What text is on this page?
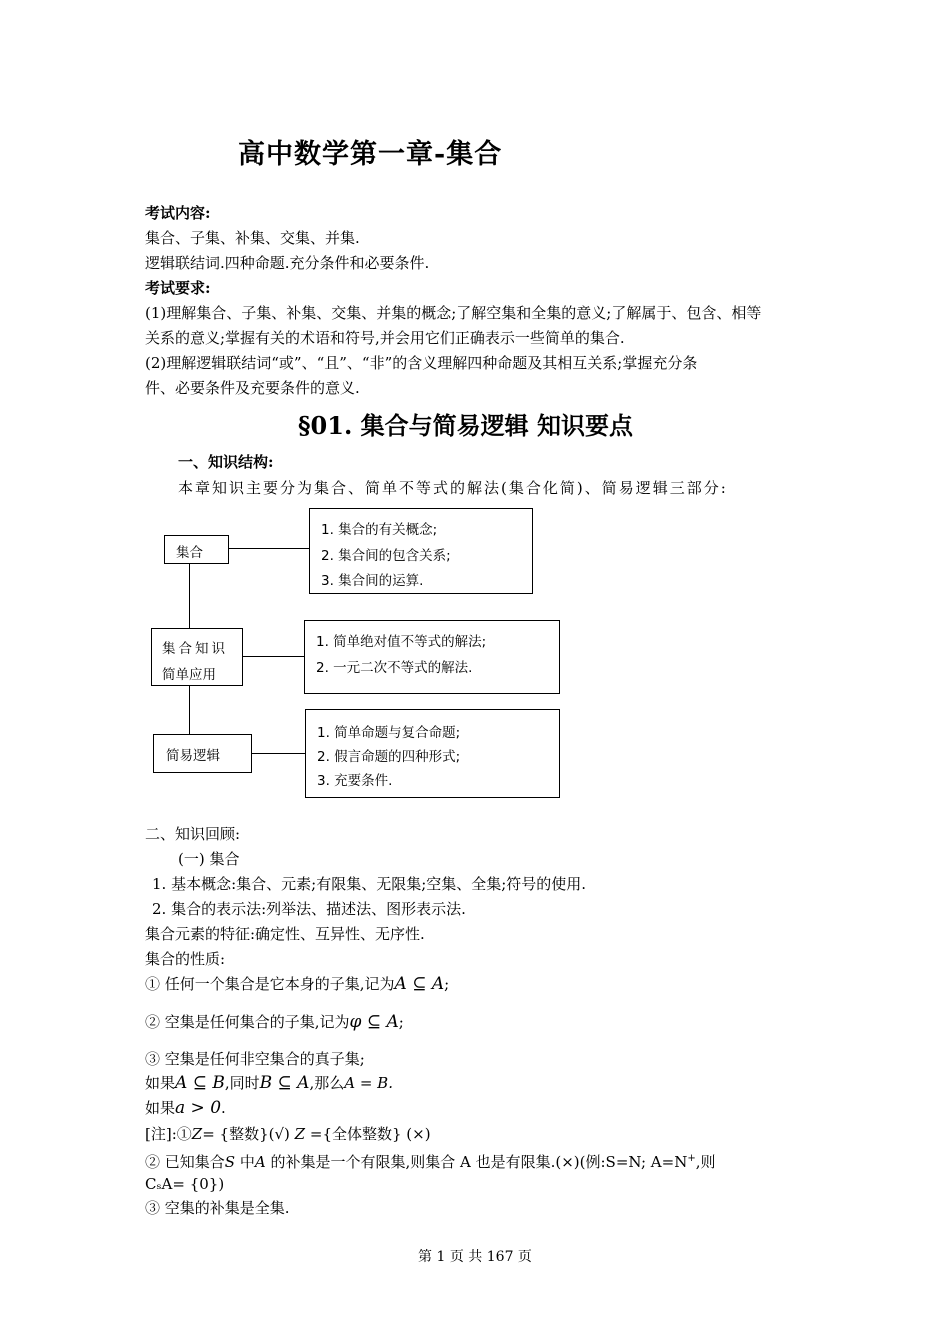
高中数学第一章-集合
考试内容:
集合、子集、补集、交集、并集.
逻辑联结词.四种命题.充分条件和必要条件.
考试要求:
(1)理解集合、子集、补集、交集、并集的概念;了解空集和全集的意义;了解属于、包含、相等
关系的意义;掌握有关的术语和符号,并会用它们正确表示一些简单的集合.
(2)理解逻辑联结词“或”、“且”、“非”的含义理解四种命题及其相互关系;掌握充分条
件、必要条件及充要条件的意义.
§01. 集合与简易逻辑 知识要点
一、知识结构:
本章知识主要分为集合、简单不等式的解法(集合化简)、简易逻辑三部分:
集合
集合知识
简单应用
简易逻辑
1. 集合的有关概念;
2. 集合间的包含关系;
3. 集合间的运算.
1. 简单绝对值不等式的解法;
2. 一元二次不等式的解法.
1. 简单命题与复合命题;
2. 假言命题的四种形式;
3. 充要条件.
二、知识回顾:
(一) 集合
1. 基本概念:集合、元素;有限集、无限集;空集、全集;符号的使用.
2. 集合的表示法:列举法、描述法、图形表示法.
集合元素的特征:确定性、互异性、无序性.
集合的性质:
① 任何一个集合是它本身的子集,记为A ⊆ A;
② 空集是任何集合的子集,记为φ ⊆ A;
③ 空集是任何非空集合的真子集;
如果A ⊆ B,同时B ⊆ A,那么A = B.
如果a > 0.
[注]:①Z= {整数}(√) Z ={全体整数} (×)
② 已知集合S 中A 的补集是一个有限集,则集合 A 也是有限集.(×)(例:S=N; A=N+,则
CₛA= {0})
③ 空集的补集是全集.
第 1 页 共 167 页
